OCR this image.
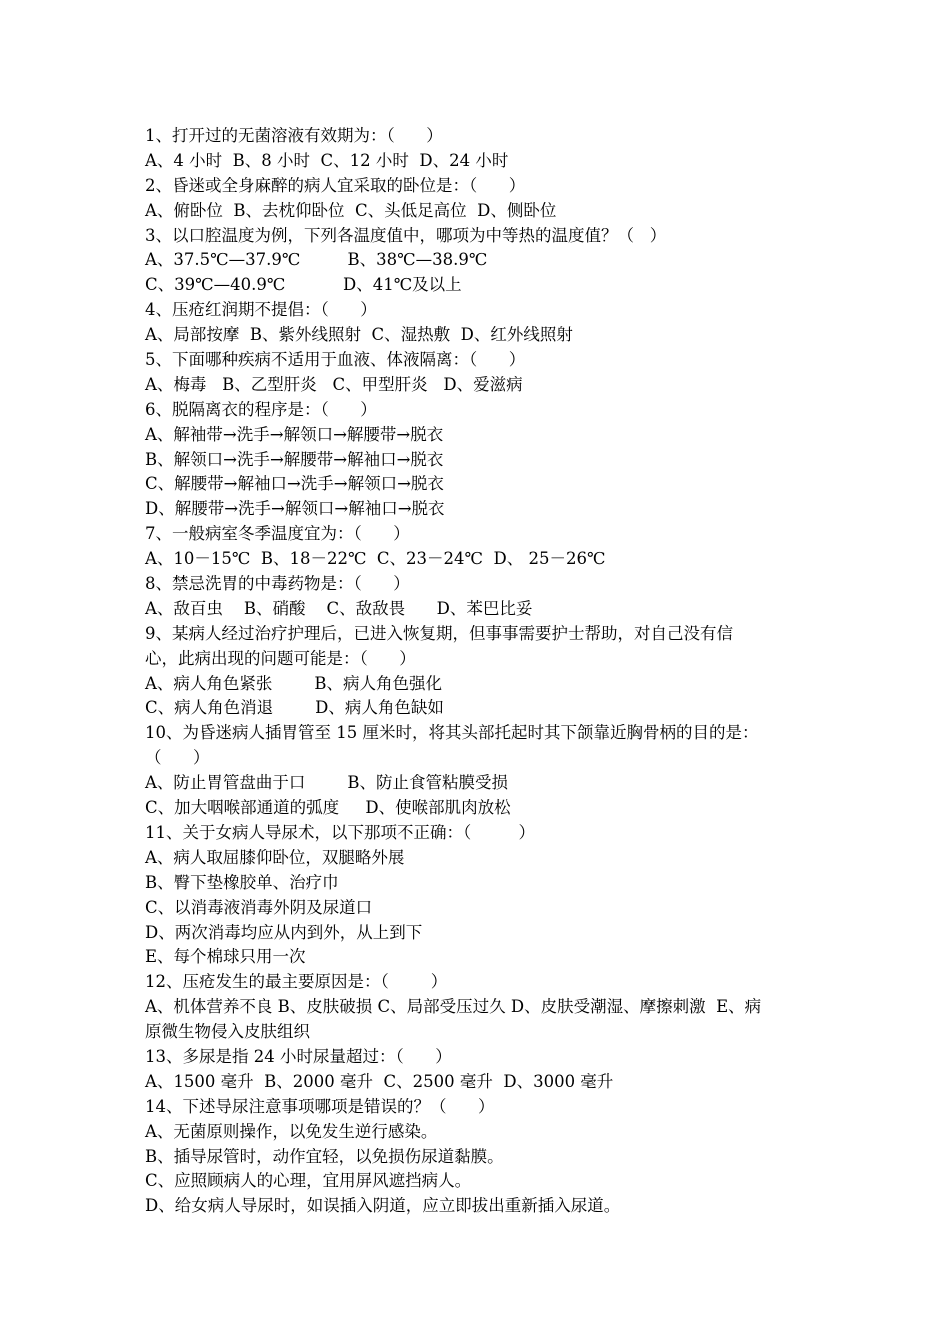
1、打开过的无菌溶液有效期为：（      ）
A、4 小时  B、8 小时  C、12 小时  D、24 小时
2、昏迷或全身麻醉的病人宜采取的卧位是：（      ）
A、俯卧位  B、去枕仰卧位  C、头低足高位  D、侧卧位
3、以口腔温度为例，下列各温度值中，哪项为中等热的温度值？（   ）
A、37.5℃—37.9℃         B、38℃—38.9℃
C、39℃—40.9℃           D、41℃及以上
4、压疮红润期不提倡：（      ）
A、局部按摩  B、紫外线照射  C、湿热敷  D、红外线照射
5、下面哪种疾病不适用于血液、体液隔离：（      ）
A、梅毒   B、乙型肝炎   C、甲型肝炎   D、爱滋病
6、脱隔离衣的程序是：（      ）
A、解袖带→洗手→解领口→解腰带→脱衣
B、解领口→洗手→解腰带→解袖口→脱衣
C、解腰带→解袖口→洗手→解领口→脱衣
D、解腰带→洗手→解领口→解袖口→脱衣
7、一般病室冬季温度宜为：（      ）
A、10－15℃  B、18－22℃  C、23－24℃  D、 25－26℃
8、禁忌洗胃的中毒药物是：（      ）
A、敌百虫    B、硝酸    C、敌敌畏      D、苯巴比妥
9、某病人经过治疗护理后，已进入恢复期，但事事需要护士帮助，对自己没有信
心，此病出现的问题可能是：（      ）
A、病人角色紧张        B、病人角色强化
C、病人角色消退        D、病人角色缺如
10、为昏迷病人插胃管至 15 厘米时，将其头部托起时其下颌靠近胸骨柄的目的是：
（      ）
A、防止胃管盘曲于口        B、防止食管粘膜受损
C、加大咽喉部通道的弧度     D、使喉部肌肉放松
11、关于女病人导尿术，以下那项不正确：（         ）
A、病人取屈膝仰卧位，双腿略外展
B、臀下垫橡胶单、治疗巾
C、以消毒液消毒外阴及尿道口
D、两次消毒均应从内到外，从上到下
E、每个棉球只用一次
12、压疮发生的最主要原因是：（        ）
A、机体营养不良 B、皮肤破损 C、局部受压过久 D、皮肤受潮湿、摩擦刺激  E、病
原微生物侵入皮肤组织
13、多尿是指 24 小时尿量超过：（      ）
A、1500 毫升  B、2000 毫升  C、2500 毫升  D、3000 毫升
14、下述导尿注意事项哪项是错误的？（      ）
A、无菌原则操作，以免发生逆行感染。
B、插导尿管时，动作宜轻，以免损伤尿道黏膜。
C、应照顾病人的心理，宜用屏风遮挡病人。
D、给女病人导尿时，如误插入阴道，应立即拔出重新插入尿道。
